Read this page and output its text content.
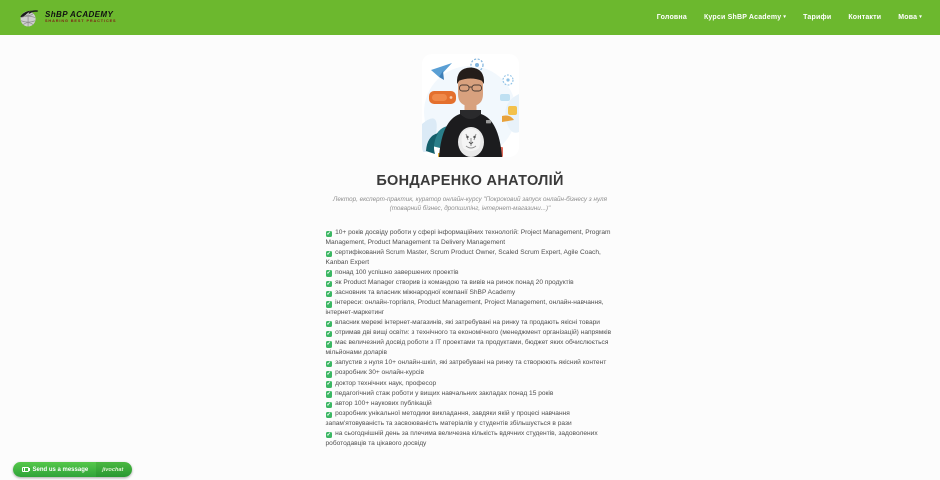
ShBP ACADEMY
SHARING BEST PRACTICES
Головна Курси ShBP Academy ▾ Тарифи Контакти Мова ▾
БОНДАРЕНКО АНАТОЛІЙ

Лектор, експерт-практик, куратор онлайн-курсу "Покроковий запуск онлайн-бізнесу з нуля (товарний бізнес, дропшипінг, інтернет-магазини...)"

✓ 10+ років досвіду роботи у сфері інформаційних технологій: Project Management, Program Management, Product Management та Delivery Management
✓ сертифікований Scrum Master, Scrum Product Owner, Scaled Scrum Expert, Agile Coach, Kanban Expert
✓ понад 100 успішно завершених проектів
✓ як Product Manager створив із командою та вивів на ринок понад 20 продуктів
✓ засновник та власник міжнародної компанії ShBP Academy
✓ інтереси: онлайн-торгівля, Product Management, Project Management, онлайн-навчання, інтернет-маркетинг
✓ власник мережі інтернет-магазинів, які затребувані на ринку та продають якісні товари
✓ отримав дві вищі освіти: з технічного та економічного (менеджмент організацій) напрямків
✓ має величезний досвід роботи з ІТ проектами та продуктами, бюджет яких обчислюється мільйонами доларів
✓ запустив з нуля 10+ онлайн-шкіл, які затребувані на ринку та створюють якісний контент
✓ розробник 30+ онлайн-курсів
✓ доктор технічних наук, професор
✓ педагогічний стаж роботи у вищих навчальних закладах понад 15 років
✓ автор 100+ наукових публікацій
✓ розробник унікальної методики викладання, завдяки якій у процесі навчання запам'ятовуваність та засвоюваність матеріалів у студентів збільшується в рази
✓ на сьогоднішній день за плечима величезна кількість вдячних студентів, задоволених роботодавців та цікавого досвіду
Send us a message	jivochat
